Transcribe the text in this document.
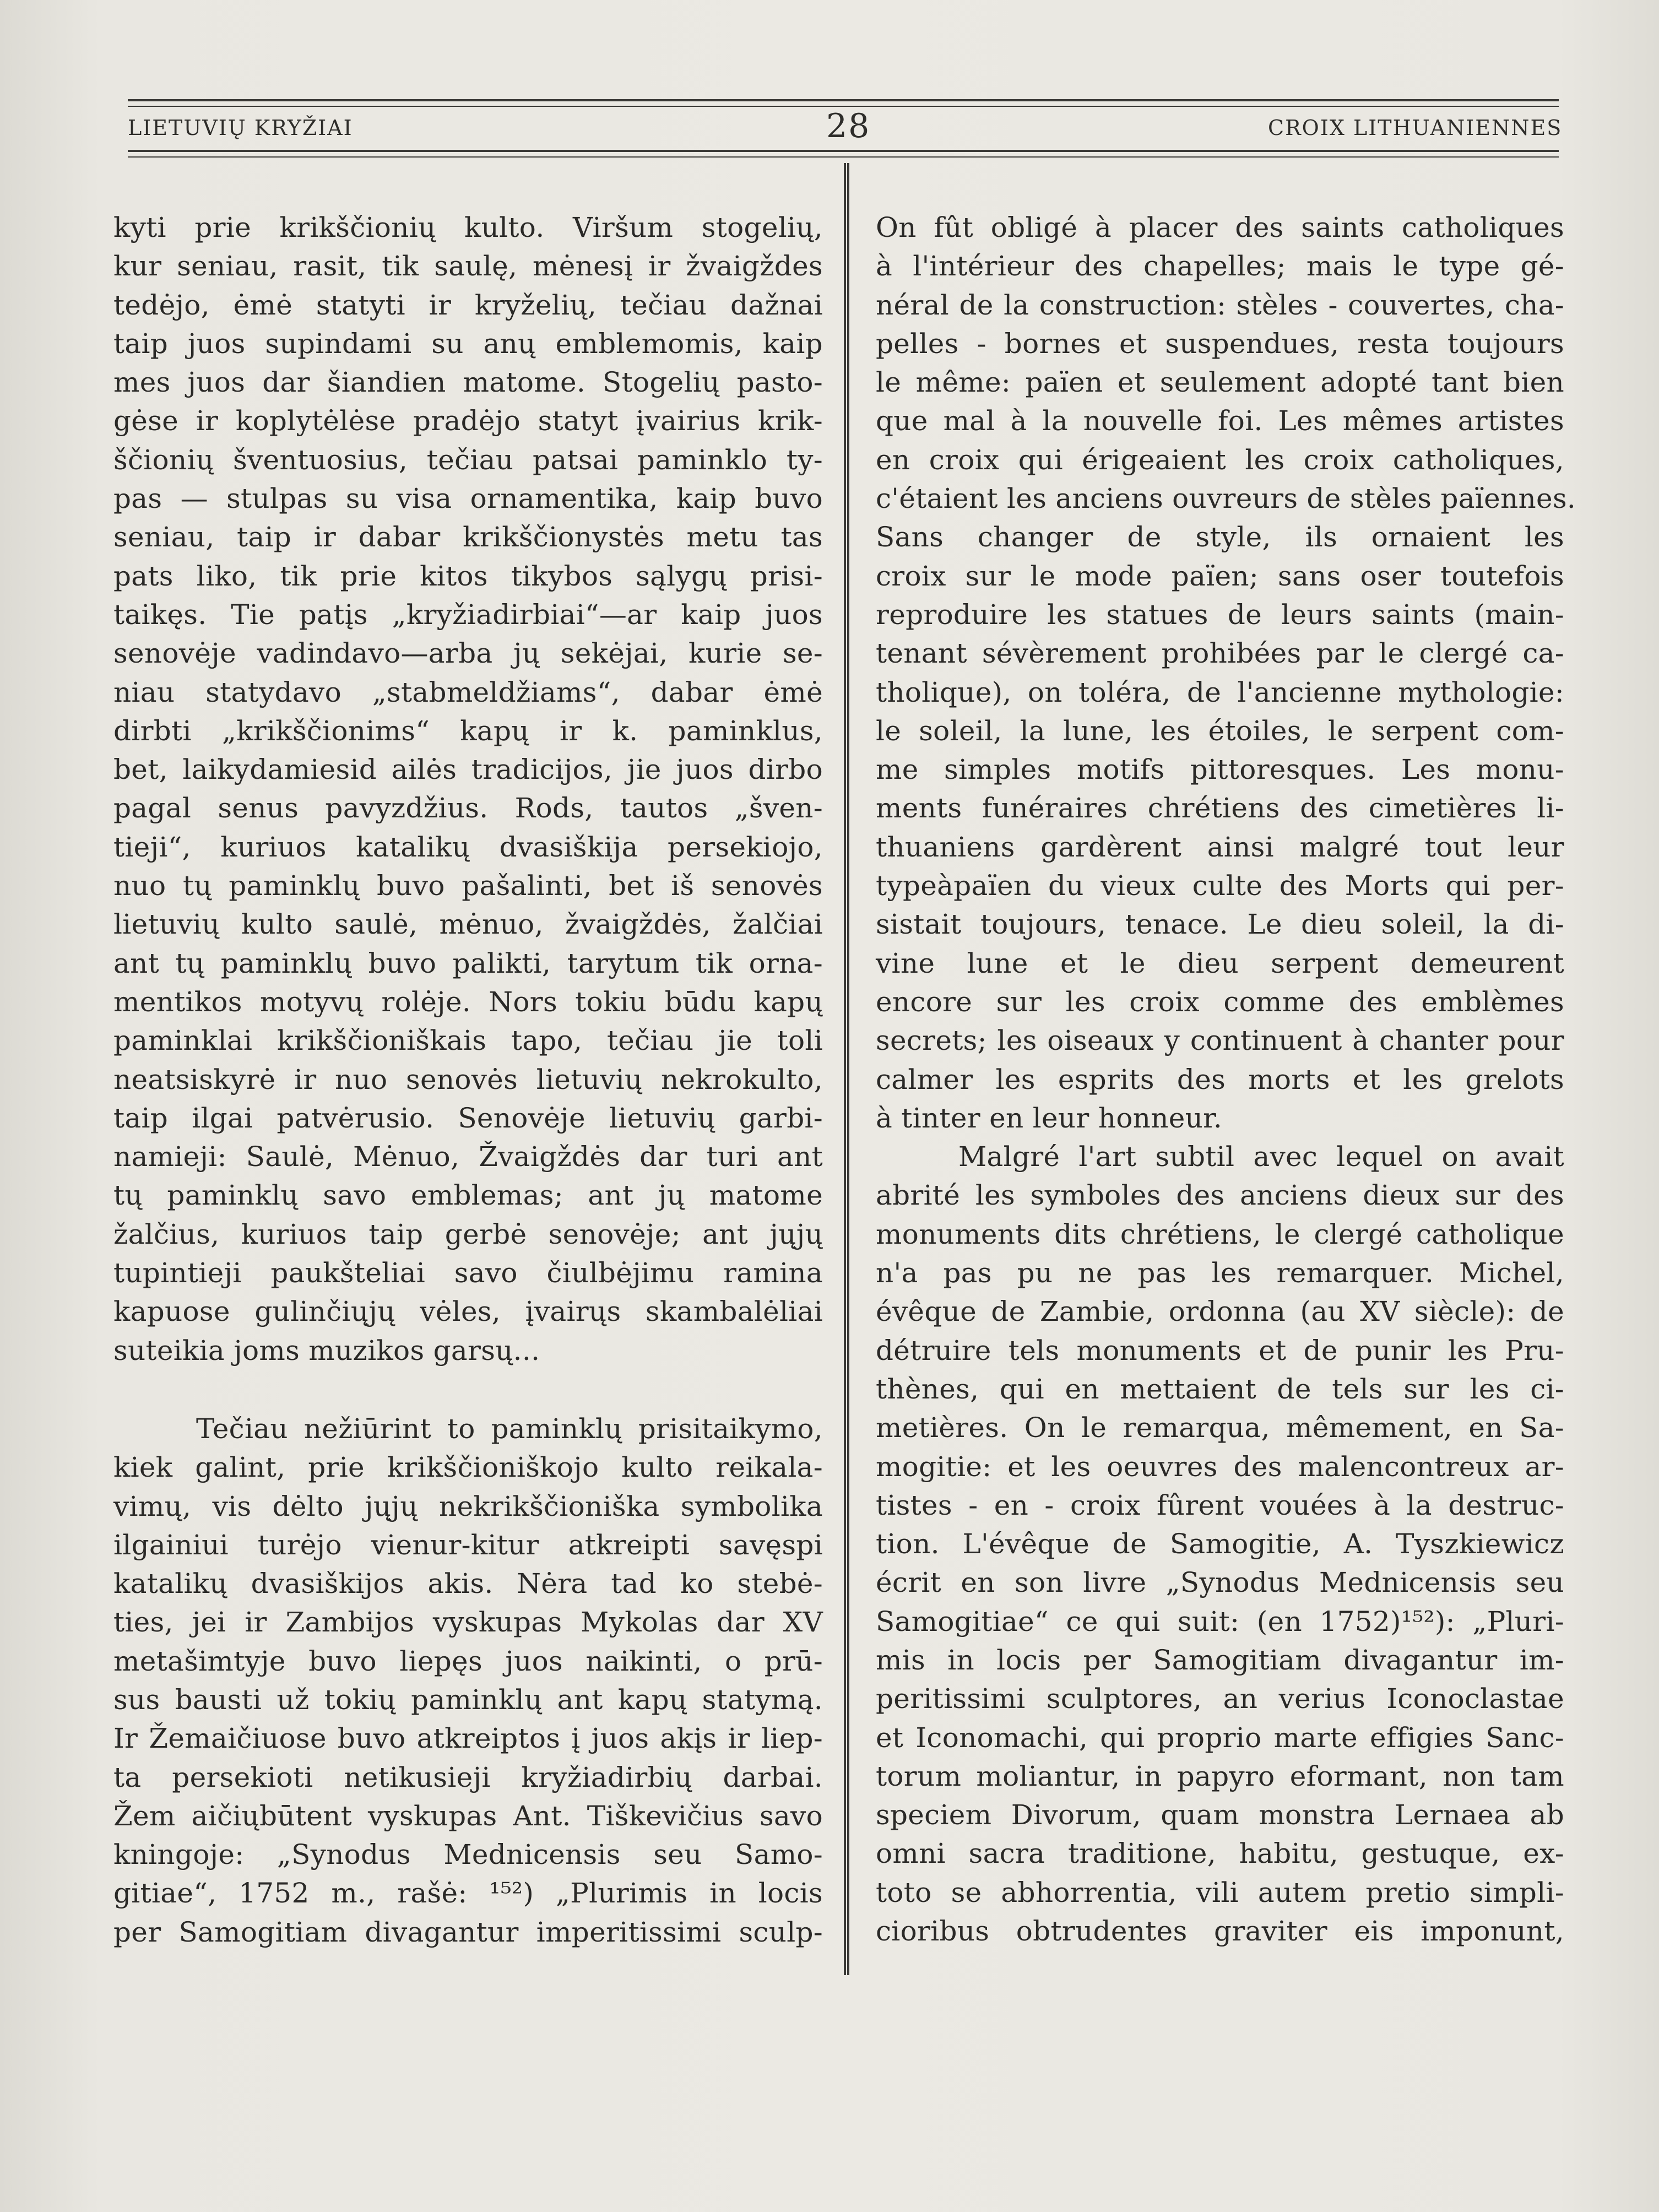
LIETUVIŲ KRYŽIAI	28	CROIX LITHUANIENNES
kyti prie krikščionių kulto. Viršum stogelių,
kur seniau, rasit, tik saulę, mėnesį ir žvaigždes
tedėjo, ėmė statyti ir kryželių, tečiau dažnai
taip juos supindami su anų emblemomis, kaip
mes juos dar šiandien matome. Stogelių pasto-
gėse ir koplytėlėse pradėjo statyt įvairius krik-
ščionių šventuosius, tečiau patsai paminklo ty-
pas — stulpas su visa ornamentika, kaip buvo
seniau, taip ir dabar krikščionystės metu tas
pats liko, tik prie kitos tikybos sąlygų prisi-
taikęs. Tie patįs „kryžiadirbiai“—ar kaip juos
senovėje vadindavo—arba jų sekėjai, kurie se-
niau statydavo „stabmeldžiams“, dabar ėmė
dirbti „krikščionims“ kapų ir k. paminklus,
bet, laikydamiesid ailės tradicijos, jie juos dirbo
pagal senus pavyzdžius. Rods, tautos „šven-
tieji“, kuriuos katalikų dvasiškija persekiojo,
nuo tų paminklų buvo pašalinti, bet iš senovės
lietuvių kulto saulė, mėnuo, žvaigždės, žalčiai
ant tų paminklų buvo palikti, tarytum tik orna-
mentikos motyvų rolėje. Nors tokiu būdu kapų
paminklai krikščioniškais tapo, tečiau jie toli
neatsiskyrė ir nuo senovės lietuvių nekrokulto,
taip ilgai patvėrusio. Senovėje lietuvių garbi-
namieji: Saulė, Mėnuo, Žvaigždės dar turi ant
tų paminklų savo emblemas; ant jų matome
žalčius, kuriuos taip gerbė senovėje; ant jųjų
tupintieji paukšteliai savo čiulbėjimu ramina
kapuose gulinčiųjų vėles, įvairųs skambalėliai
suteikia joms muzikos garsų...
Tečiau nežiūrint to paminklų prisitaikymo,
kiek galint, prie krikščioniškojo kulto reikala-
vimų, vis dėlto jųjų nekrikščioniška symbolika
ilgainiui turėjo vienur-kitur atkreipti savęspi
katalikų dvasiškijos akis. Nėra tad ko stebė-
ties, jei ir Zambijos vyskupas Mykolas dar XV
metašimtyje buvo liepęs juos naikinti, o prū-
sus bausti už tokių paminklų ant kapų statymą.
Ir Žemaičiuose buvo atkreiptos į juos akįs ir liep-
ta persekioti netikusieji kryžiadirbių darbai.
Žem aičiųbūtent vyskupas Ant. Tiškevičius savo
kningoje: „Synodus Mednicensis seu Samo-
gitiae“, 1752 m., rašė: ¹⁵²) „Plurimis in locis
per Samogitiam divagantur imperitissimi sculp-
On fût obligé à placer des saints catholiques
à l'intérieur des chapelles; mais le type gé-
néral de la construction: stèles - couvertes, cha-
pelles - bornes et suspendues, resta toujours
le même: païen et seulement adopté tant bien
que mal à la nouvelle foi. Les mêmes artistes
en croix qui érigeaient les croix catholiques,
c'étaient les anciens ouvreurs de stèles païennes.
Sans changer de style, ils ornaient les
croix sur le mode païen; sans oser toutefois
reproduire les statues de leurs saints (main-
tenant sévèrement prohibées par le clergé ca-
tholique), on toléra, de l'ancienne mythologie:
le soleil, la lune, les étoiles, le serpent com-
me simples motifs pittoresques. Les monu-
ments funéraires chrétiens des cimetières li-
thuaniens gardèrent ainsi malgré tout leur
typeàpaïen du vieux culte des Morts qui per-
sistait toujours, tenace. Le dieu soleil, la di-
vine lune et le dieu serpent demeurent
encore sur les croix comme des emblèmes
secrets; les oiseaux y continuent à chanter pour
calmer les esprits des morts et les grelots
à tinter en leur honneur.
Malgré l'art subtil avec lequel on avait
abrité les symboles des anciens dieux sur des
monuments dits chrétiens, le clergé catholique
n'a pas pu ne pas les remarquer. Michel,
évêque de Zambie, ordonna (au XV siècle): de
détruire tels monuments et de punir les Pru-
thènes, qui en mettaient de tels sur les ci-
metières. On le remarqua, mêmement, en Sa-
mogitie: et les oeuvres des malencontreux ar-
tistes - en - croix fûrent vouées à la destruc-
tion. L'évêque de Samogitie, A. Tyszkiewicz
écrit en son livre „Synodus Mednicensis seu
Samogitiae“ ce qui suit: (en 1752)¹⁵²): „Pluri-
mis in locis per Samogitiam divagantur im-
peritissimi sculptores, an verius Iconoclastae
et Iconomachi, qui proprio marte effigies Sanc-
torum moliantur, in papyro eformant, non tam
speciem Divorum, quam monstra Lernaea ab
omni sacra traditione, habitu, gestuque, ex-
toto se abhorrentia, vili autem pretio simpli-
cioribus obtrudentes graviter eis imponunt,
